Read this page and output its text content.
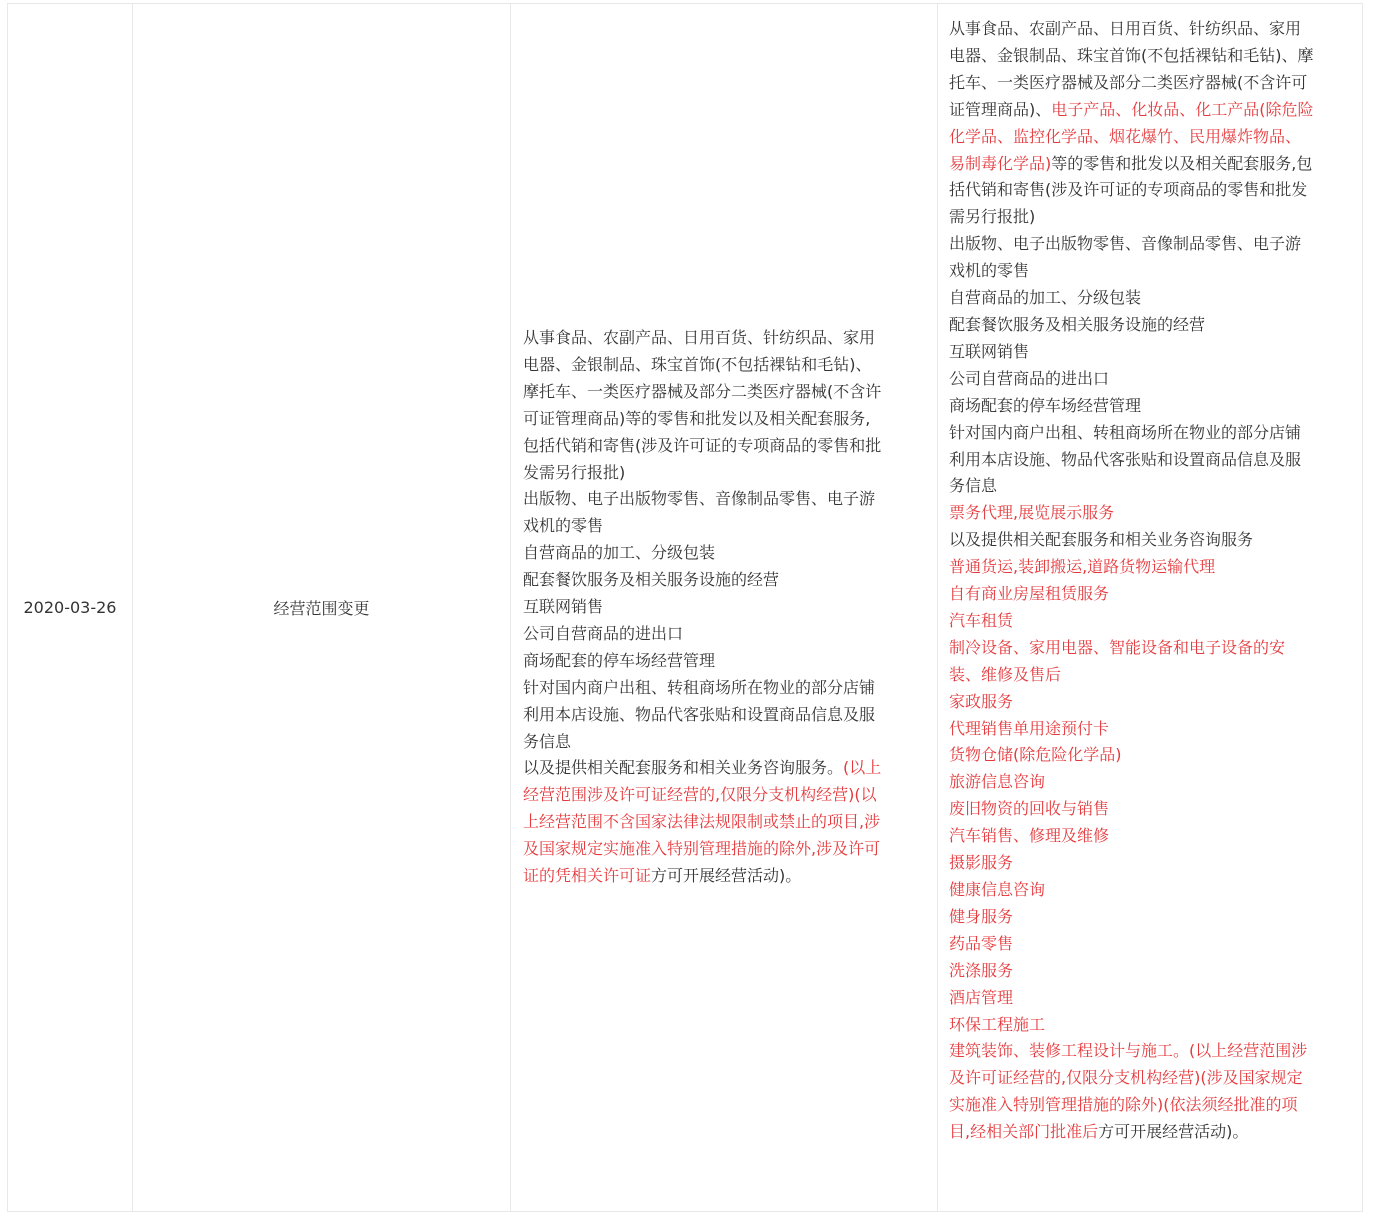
2020-03-26	经营范围变更
从事食品、农副产品、日用百货、针纺织品、家用电器、金银制品、珠宝首饰(不包括裸钻和毛钻)、摩托车、一类医疗器械及部分二类医疗器械(不含许可证管理商品)等的零售和批发以及相关配套服务,包括代销和寄售(涉及许可证的专项商品的零售和批发需另行报批)
出版物、电子出版物零售、音像制品零售、电子游戏机的零售
自营商品的加工、分级包装
配套餐饮服务及相关服务设施的经营
互联网销售
公司自营商品的进出口
商场配套的停车场经营管理
针对国内商户出租、转租商场所在物业的部分店铺
利用本店设施、物品代客张贴和设置商品信息及服务信息
以及提供相关配套服务和相关业务咨询服务。(以上经营范围涉及许可证经营的,仅限分支机构经营)(以上经营范围不含国家法律法规限制或禁止的项目,涉及国家规定实施准入特别管理措施的除外,涉及许可证的凭相关许可证方可开展经营活动)。
从事食品、农副产品、日用百货、针纺织品、家用电器、金银制品、珠宝首饰(不包括裸钻和毛钻)、摩托车、一类医疗器械及部分二类医疗器械(不含许可证管理商品)、电子产品、化妆品、化工产品(除危险化学品、监控化学品、烟花爆竹、民用爆炸物品、易制毒化学品)等的零售和批发以及相关配套服务,包括代销和寄售(涉及许可证的专项商品的零售和批发需另行报批)
出版物、电子出版物零售、音像制品零售、电子游戏机的零售
自营商品的加工、分级包装
配套餐饮服务及相关服务设施的经营
互联网销售
公司自营商品的进出口
商场配套的停车场经营管理
针对国内商户出租、转租商场所在物业的部分店铺
利用本店设施、物品代客张贴和设置商品信息及服务信息
票务代理,展览展示服务
以及提供相关配套服务和相关业务咨询服务
普通货运,装卸搬运,道路货物运输代理
自有商业房屋租赁服务
汽车租赁
制冷设备、家用电器、智能设备和电子设备的安装、维修及售后
家政服务
代理销售单用途预付卡
货物仓储(除危险化学品)
旅游信息咨询
废旧物资的回收与销售
汽车销售、修理及维修
摄影服务
健康信息咨询
健身服务
药品零售
洗涤服务
酒店管理
环保工程施工
建筑装饰、装修工程设计与施工。(以上经营范围涉及许可证经营的,仅限分支机构经营)(涉及国家规定实施准入特别管理措施的除外)(依法须经批准的项目,经相关部门批准后方可开展经营活动)。
